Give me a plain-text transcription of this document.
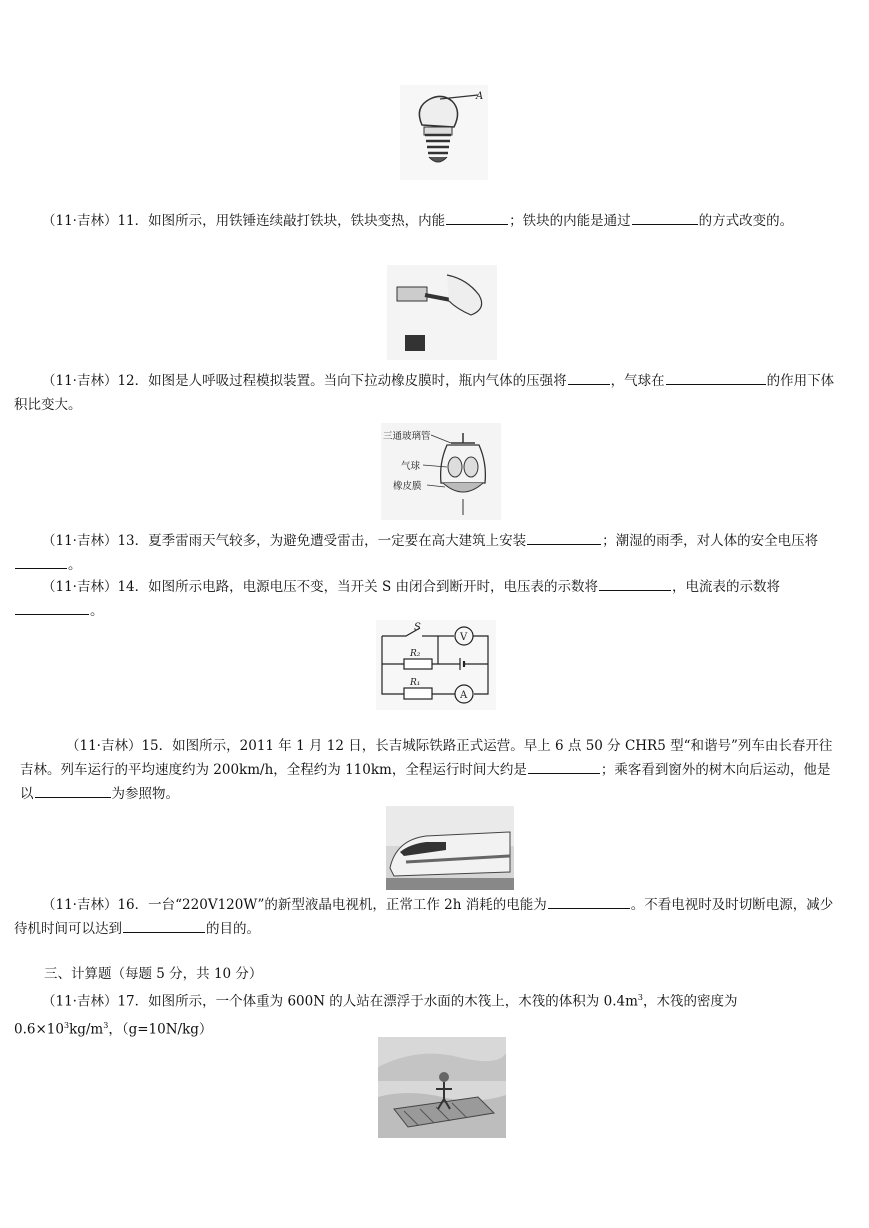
A
（11·吉林）11．如图所示，用铁锤连续敲打铁块，铁块变热，内能	；铁块的内能是通过	的方式改变的。
（11·吉林）12．如图是人呼吸过程模拟装置。当向下拉动橡皮膜时，瓶内气体的压强将	，气球在	的作用下体积比变大。
三通玻璃管
气球
橡皮膜
（11·吉林）13．夏季雷雨天气较多，为避免遭受雷击，一定要在高大建筑上安装	；潮湿的雨季，对人体的安全电压将。
（11·吉林）14．如图所示电路，电源电压不变，当开关 S 由闭合到断开时，电压表的示数将	，电流表的示数将。
S
V
A
R₂
R₁
（11·吉林）15．如图所示，2011 年 1 月 12 日，长吉城际铁路正式运营。早上 6 点 50 分 CHR5 型“和谐号”列车由长春开往吉林。列车运行的平均速度约为 200km/h，全程约为 110km，全程运行时间大约是	；乘客看到窗外的树木向后运动，他是以	为参照物。
（11·吉林）16．一台“220V120W”的新型液晶电视机，正常工作 2h 消耗的电能为	。不看电视时及时切断电源，减少待机时间可以达到	的目的。
三、计算题（每题 5 分，共 10 分）
（11·吉林）17．如图所示，一个体重为 600N 的人站在漂浮于水面的木筏上，木筏的体积为 $0.4m^3$，木筏的密度为 $0.6\times 10^3kg/m^3$，（g=10N/kg）
